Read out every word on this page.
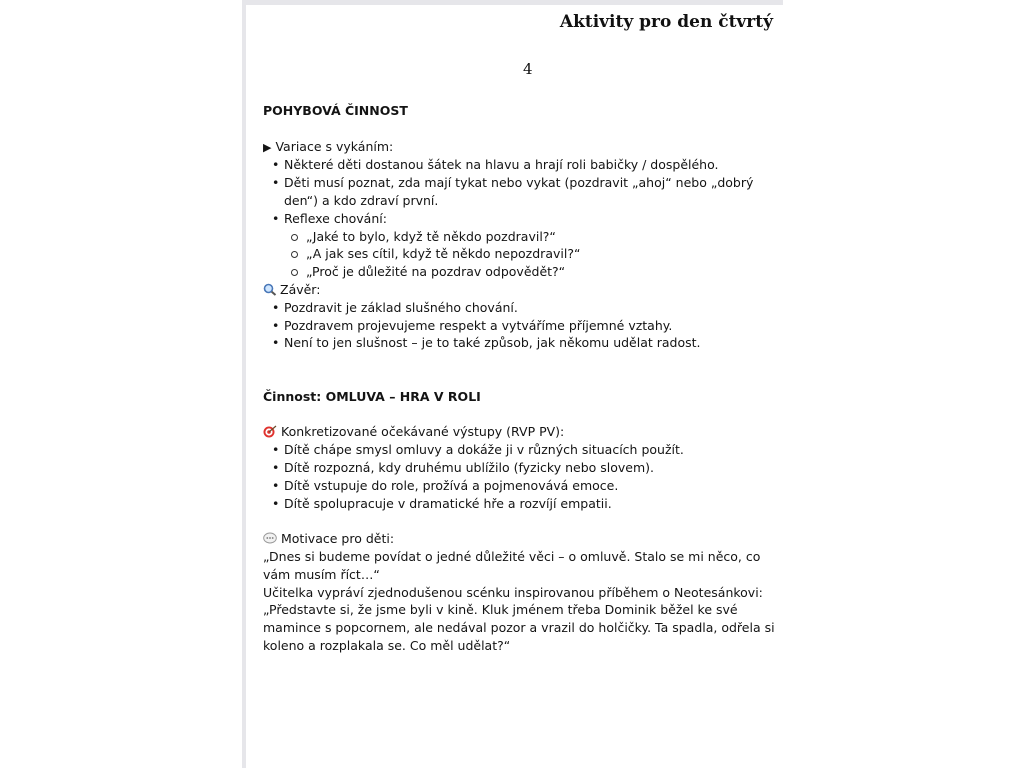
Aktivity pro den čtvrtý
4

POHYBOVÁ ČINNOST

▶ Variace s vykáním:

• Některé děti dostanou šátek na hlavu a hrají roli babičky / dospělého.
• Děti musí poznat, zda mají tykat nebo vykat (pozdravit „ahoj“ nebo „dobrý den“) a kdo zdraví první.
• Reflexe chování:
„Jaké to bylo, když tě někdo pozdravil?“
„A jak ses cítil, když tě někdo nepozdravil?“
„Proč je důležité na pozdrav odpovědět?“

Závěr:

• Pozdravit je základ slušného chování.
• Pozdravem projevujeme respekt a vytváříme příjemné vztahy.
• Není to jen slušnost – je to také způsob, jak někomu udělat radost.

Činnost: OMLUVA – HRA V ROLI

Konkretizované očekávané výstupy (RVP PV):

• Dítě chápe smysl omluvy a dokáže ji v různých situacích použít.
• Dítě rozpozná, kdy druhému ublížilo (fyzicky nebo slovem).
• Dítě vstupuje do role, prožívá a pojmenovává emoce.
• Dítě spolupracuje v dramatické hře a rozvíjí empatii.

Motivace pro děti:

„Dnes si budeme povídat o jedné důležité věci – o omluvě. Stalo se mi něco, co vám musím říct…“

Učitelka vypráví zjednodušenou scénku inspirovanou příběhem o Neotesánkovi:

„Představte si, že jsme byli v kině. Kluk jménem třeba Dominik běžel ke své mamince s popcornem, ale nedával pozor a vrazil do holčičky. Ta spadla, odřela si koleno a rozplakala se. Co měl udělat?“
